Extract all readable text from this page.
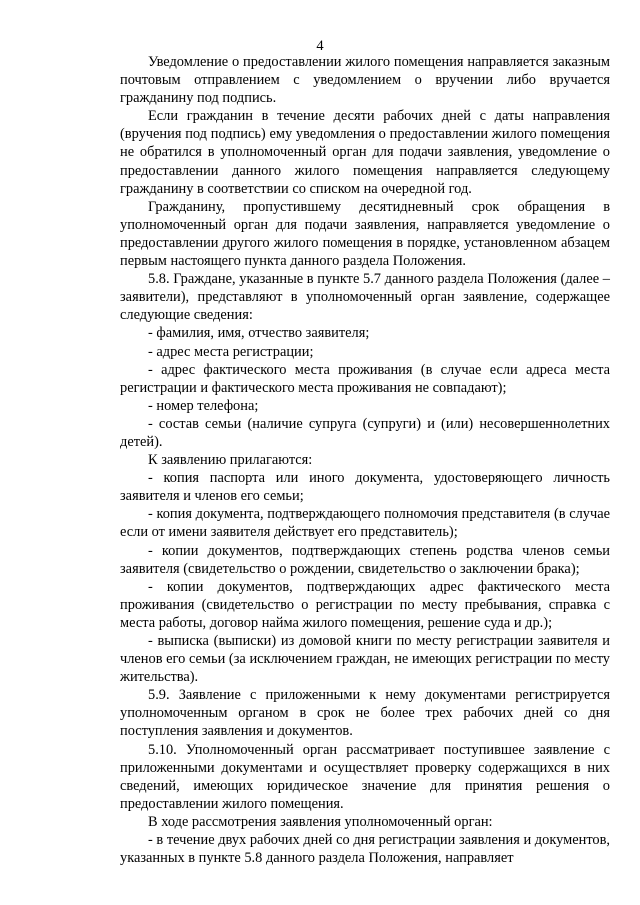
4

Уведомление о предоставлении жилого помещения направляется заказным почтовым отправлением с уведомлением о вручении либо вручается гражданину под подпись.

Если гражданин в течение десяти рабочих дней с даты направления (вручения под подпись) ему уведомления о предоставлении жилого помещения не обратился в уполномоченный орган для подачи заявления, уведомление о предоставлении данного жилого помещения направляется следующему гражданину в соответствии со списком на очередной год.

Гражданину, пропустившему десятидневный срок обращения в уполномоченный орган для подачи заявления, направляется уведомление о предоставлении другого жилого помещения в порядке, установленном абзацем первым настоящего пункта данного раздела Положения.

5.8. Граждане, указанные в пункте 5.7 данного раздела Положения (далее – заявители), представляют в уполномоченный орган заявление, содержащее следующие сведения:

- фамилия, имя, отчество заявителя;

- адрес места регистрации;

- адрес фактического места проживания (в случае если адреса места регистрации и фактического места проживания не совпадают);

- номер телефона;

- состав семьи (наличие супруга (супруги) и (или) несовершеннолетних детей).

К заявлению прилагаются:

- копия паспорта или иного документа, удостоверяющего личность заявителя и членов его семьи;

- копия документа, подтверждающего полномочия представителя (в случае если от имени заявителя действует его представитель);

- копии документов, подтверждающих степень родства членов семьи заявителя (свидетельство о рождении, свидетельство о заключении брака);

- копии документов, подтверждающих адрес фактического места проживания (свидетельство о регистрации по месту пребывания, справка с места работы, договор найма жилого помещения, решение суда и др.);

- выписка (выписки) из домовой книги по месту регистрации заявителя и членов его семьи (за исключением граждан, не имеющих регистрации по месту жительства).

5.9. Заявление с приложенными к нему документами регистрируется уполномоченным органом в срок не более трех рабочих дней со дня поступления заявления и документов.

5.10. Уполномоченный орган рассматривает поступившее заявление с приложенными документами и осуществляет проверку содержащихся в них сведений, имеющих юридическое значение для принятия решения о предоставлении жилого помещения.

В ходе рассмотрения заявления уполномоченный орган:

- в течение двух рабочих дней со дня регистрации заявления и документов, указанных в пункте 5.8 данного раздела Положения, направляет
